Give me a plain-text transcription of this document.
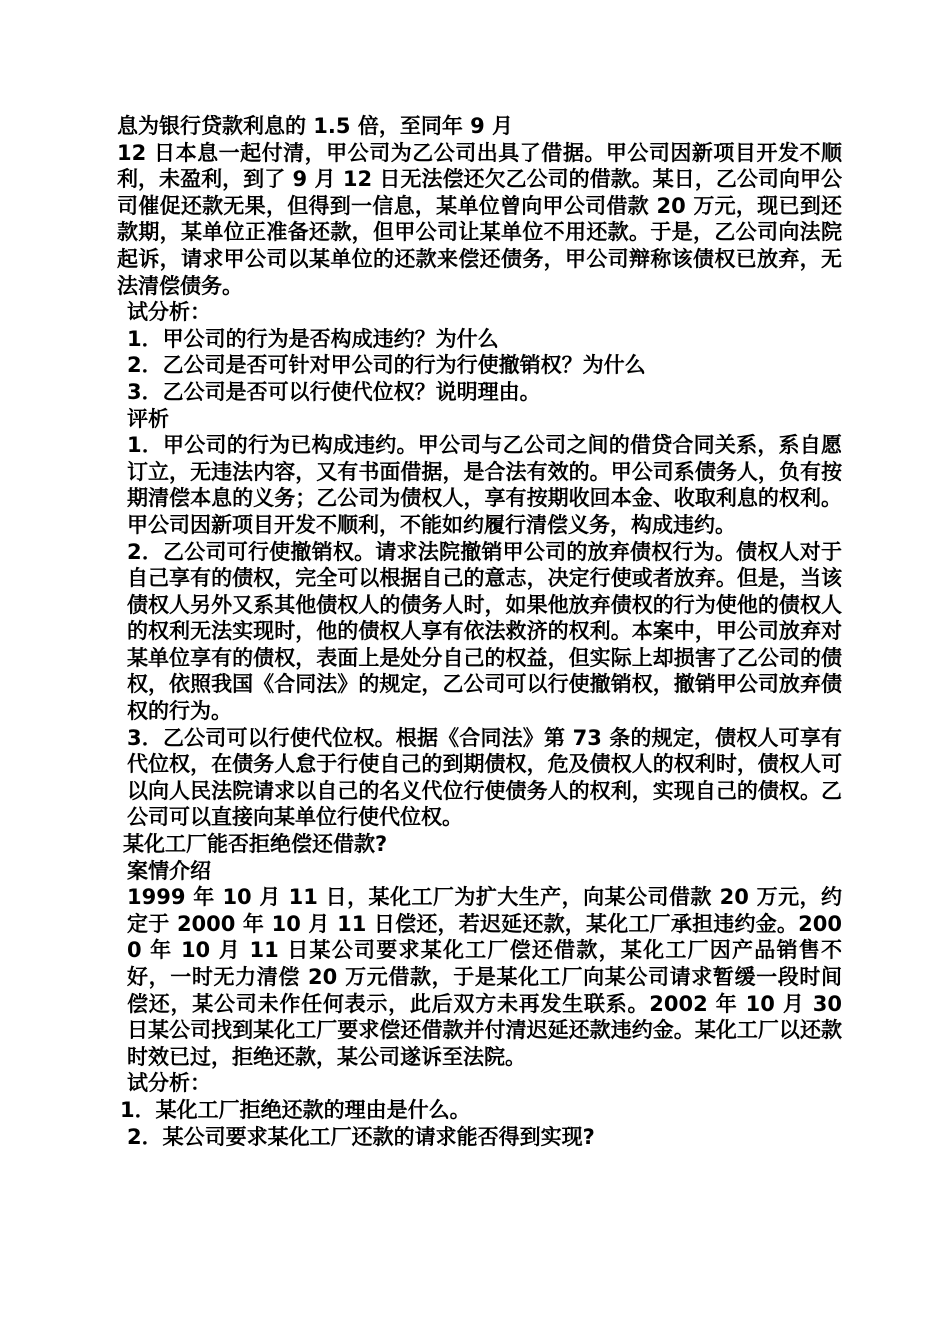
息为银行贷款利息的 1.5 倍，至同年 9 月

12 日本息一起付清，甲公司为乙公司出具了借据。甲公司因新项目开发不顺利，未盈利，到了 9 月 12 日无法偿还欠乙公司的借款。某日，乙公司向甲公司催促还款无果，但得到一信息，某单位曾向甲公司借款 20 万元，现已到还款期，某单位正准备还款，但甲公司让某单位不用还款。于是，乙公司向法院起诉，请求甲公司以某单位的还款来偿还债务，甲公司辩称该债权已放弃，无法清偿债务。

试分析：

1．甲公司的行为是否构成违约？为什么

2．乙公司是否可针对甲公司的行为行使撤销权？为什么

3．乙公司是否可以行使代位权？说明理由。

评析

1．甲公司的行为已构成违约。甲公司与乙公司之间的借贷合同关系，系自愿订立，无违法内容，又有书面借据，是合法有效的。甲公司系债务人，负有按期清偿本息的义务；乙公司为债权人，享有按期收回本金、收取利息的权利。甲公司因新项目开发不顺利，不能如约履行清偿义务，构成违约。

2．乙公司可行使撤销权。请求法院撤销甲公司的放弃债权行为。债权人对于自己享有的债权，完全可以根据自己的意志，决定行使或者放弃。但是，当该债权人另外又系其他债权人的债务人时，如果他放弃债权的行为使他的债权人的权利无法实现时，他的债权人享有依法救济的权利。本案中，甲公司放弃对某单位享有的债权，表面上是处分自己的权益，但实际上却损害了乙公司的债权，依照我国《合同法》的规定，乙公司可以行使撤销权，撤销甲公司放弃债权的行为。

3．乙公司可以行使代位权。根据《合同法》第 73 条的规定，债权人可享有代位权，在债务人怠于行使自己的到期债权，危及债权人的权利时，债权人可以向人民法院请求以自己的名义代位行使债务人的权利，实现自己的债权。乙公司可以直接向某单位行使代位权。

某化工厂能否拒绝偿还借款?

案情介绍

1999 年 10 月 11 日，某化工厂为扩大生产，向某公司借款 20 万元，约定于 2000 年 10 月 11 日偿还，若迟延还款，某化工厂承担违约金。2000 年 10 月 11 日某公司要求某化工厂偿还借款，某化工厂因产品销售不好，一时无力清偿 20 万元借款，于是某化工厂向某公司请求暂缓一段时间偿还，某公司未作任何表示，此后双方未再发生联系。2002 年 10 月 30 日某公司找到某化工厂要求偿还借款并付清迟延还款违约金。某化工厂以还款时效已过，拒绝还款，某公司遂诉至法院。

试分析：

1．某化工厂拒绝还款的理由是什么。

2．某公司要求某化工厂还款的请求能否得到实现?
